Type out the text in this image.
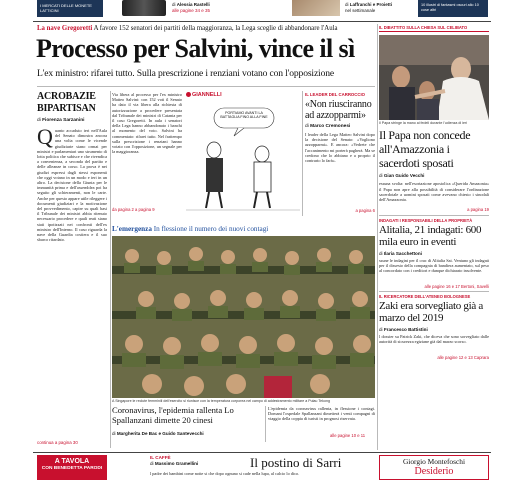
I MERCATI DELLE MONETE LATTICINI
di Alessia Rastelli
alle pagine 34 e 35
di Laffranchi e Proietti
nel settimanale
10 illustri di fantasmi oscuri allo 10 cose altri
La nave Gregoretti A favore 152 senatori dei partiti della maggioranza, la Lega sceglie di abbandonare l'Aula
Processo per Salvini, vince il sì
L'ex ministro: rifarei tutto. Sulla prescrizione i renziani votano con l'opposizione
ACROBAZIE BIPARTISAN
di Fiorenza Sarzanini
Q uanto accaduto ieri nell'Aula del Senato dimostra ancora una volta come le vicende giudiziarie siano ormai per ministri e parlamentari uno strumento di lotta politica che subisce e che rivendica a convenienza, a seconda del partito e delle alleanze in corso. La prova è nei giudizi espressi dagli stessi esponenti che oggi votano in un modo e ieri in un altro. La decisione della Giunta per le immunità prima e dell'assemblea poi ha seguito gli schieramenti, non le carte. Anche per questo appare utile rileggere i documenti giudiziari e la motivazione del provvedimento, capire su quali basi il Tribunale dei ministri abbia ritenuto necessario procedere e quali reati siano stati ipotizzati nei confronti dell'ex ministro dell'Interno. Il caso riguarda la nave della Guardia costiera e il suo sbarco ritardato.
continua a pagina 30
Via libera al processo per l'ex ministro Matteo Salvini: con 152 voti il Senato ha dato il via libera alla richiesta di autorizzazione a procedere presentata dal Tribunale dei ministri di Catania per il caso Gregoretti. In aula i senatori della Lega hanno abbandonato i banchi al momento del voto. Salvini ha commentato: rifarei tutto. Nel frattempo sulla prescrizione i renziani hanno votato con l'opposizione, un segnale per la maggioranza.
da pagina 2 a pagina 9
GIANNELLI
PORTIAMO AVANTI LA BATTAGLIA FINO ALLA FINE
IL LEADER DEL CARROCCIO
«Non riusciranno ad azzopparmi»
di Marco Cremonesi
I leader della Lega Matteo Salvini dopo la decisione del Senato: «Vogliono azzopparmi». E ancora: «Vedrete che l'accanimento mi porterà pagherà. Ma se credono che lo abbiano e a proprio il contrario lo farà».
a pagina 6
L'emergenza In flessione il numero dei nuovi contagi
A Singapore le reclute femminili dell'esercito si riunisce con la temperatura corporea nel campo di addestramento militare a Pulau Tekong
Coronavirus, l'epidemia rallenta Lo Spallanzani dimette 20 cinesi
di Margherita De Bac e Guido Santevecchi
L'epidemia da coronavirus rallenta, in flessione i contagi. Domani l'ospedale Spallanzani dimetterà i venti compagni di viaggio della coppia di turisti in prognosi riservata.
alle pagine 10 e 11
IL DIBATTITO SULLA CHIESA SUL CELIBATO
Il Papa stringe la mano ai fedeli durante l'udienza di ieri
Il Papa non concede all'Amazzonia i sacerdoti sposati
di Gian Guido Vecchi
essuna svolta: nell'esortazione apostolica «Querida Amazonia» il Papa non apre alla possibilità di considerare l'ordinazione sacerdotale a uomini sposati come avevano chiesto i sinodali dell'Amazzonia.
a pagina 19
INDAGATI I RESPONSABILI DELLA PROPRIETÀ
Alitalia, 21 indagati: 600 mila euro in eventi
di Ilaria Sacchettoni
ssune le indagini per il crac di Alitalia Sai. Ventuno gli indagati per il dissesto della compagnia di bandiera aumentato, sul peso al concordato con i creditori e dunque dichiarato insolvente.
alle pagine 16 e 17 Bertoni, Savelli
IL RICERCATORE DELL'ATENEO BOLOGNESE
Zaki era sorvegliato già a marzo del 2019
di Francesco Battistini
l dossier su Patrick Zaki, che diceva che sono sorvegliato dalle autorità di sicurezza egiziane già dal marzo scorso.
alle pagine 12 e 13 Caprara
A TAVOLA
CON BENEDETTA PARODI
IL CAFFÈ
di Massimo Gramellini	Il postino di Sarri
l padre dei bambini come notte si che dopo ognuno si cade nella lupa, al calcio lo dico.
Giorgio Montefoschi
Desiderio
